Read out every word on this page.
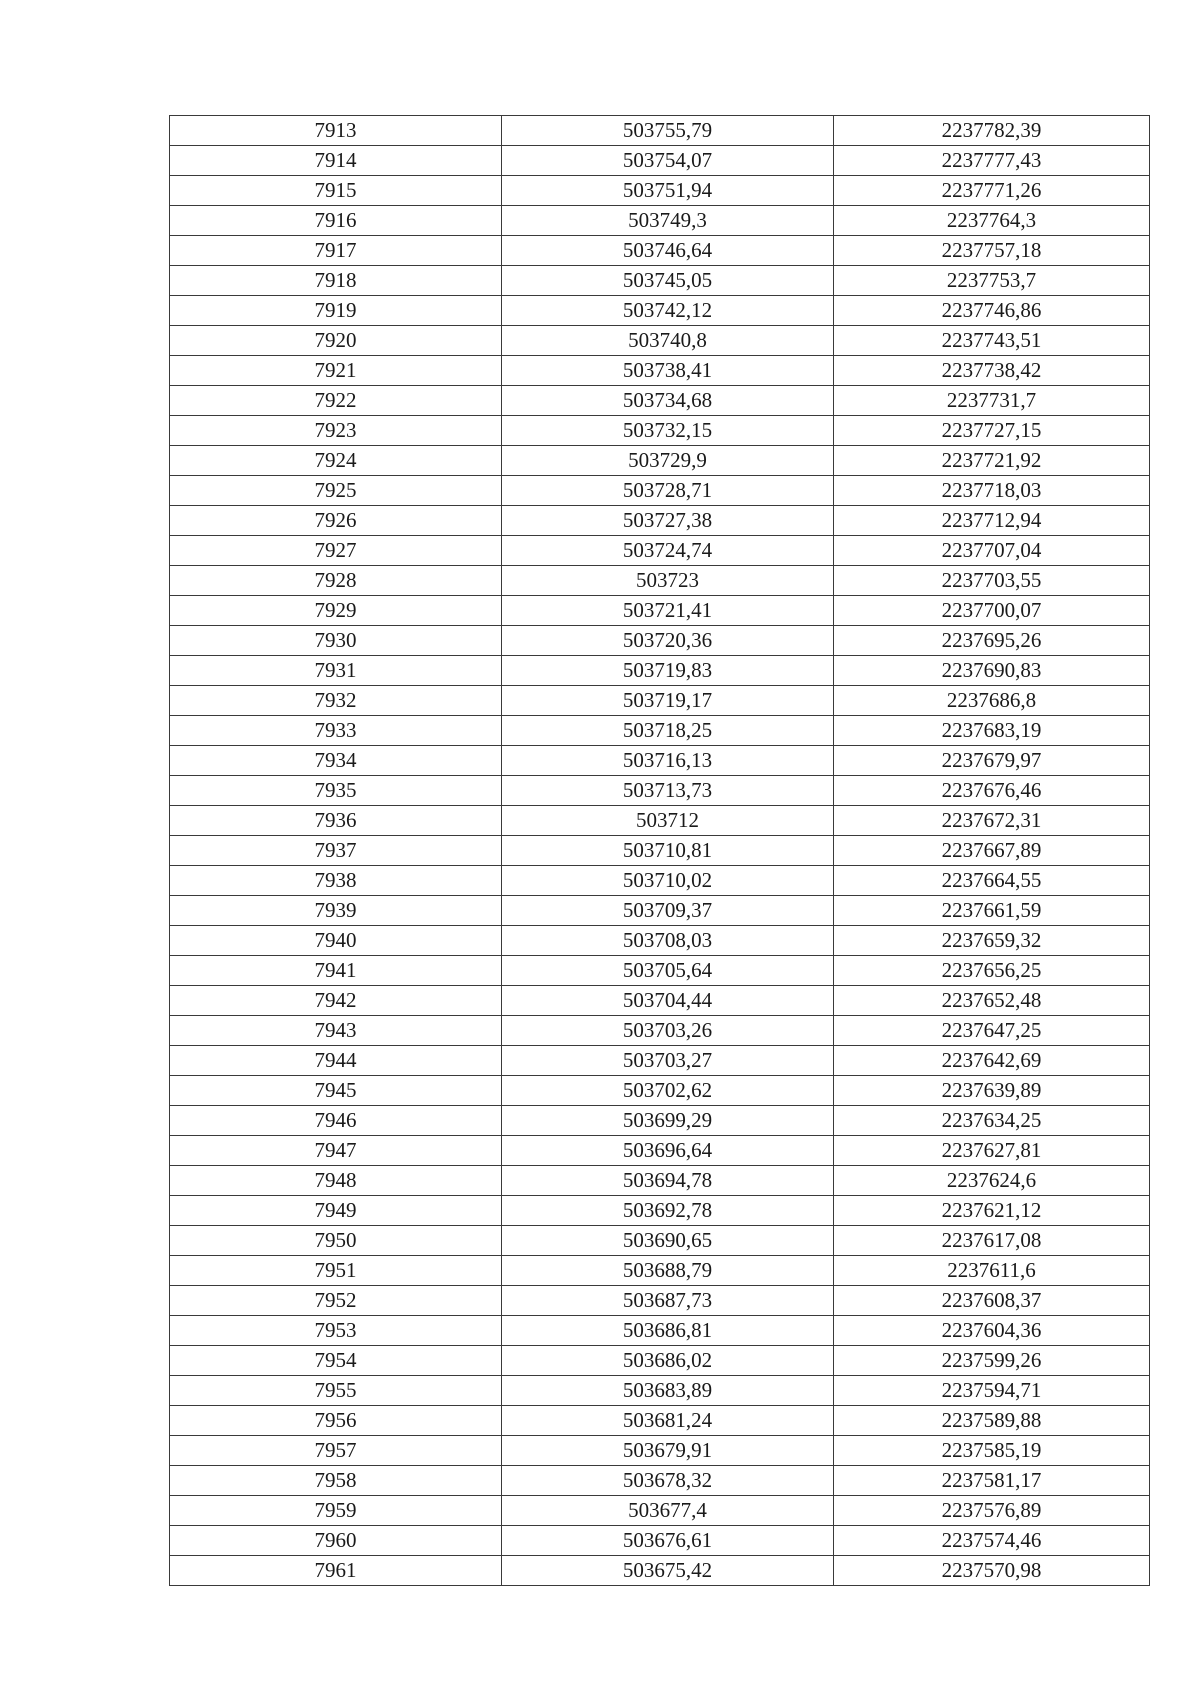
7913	503755,79	2237782,39
7914	503754,07	2237777,43
7915	503751,94	2237771,26
7916	503749,3	2237764,3
7917	503746,64	2237757,18
7918	503745,05	2237753,7
7919	503742,12	2237746,86
7920	503740,8	2237743,51
7921	503738,41	2237738,42
7922	503734,68	2237731,7
7923	503732,15	2237727,15
7924	503729,9	2237721,92
7925	503728,71	2237718,03
7926	503727,38	2237712,94
7927	503724,74	2237707,04
7928	503723	2237703,55
7929	503721,41	2237700,07
7930	503720,36	2237695,26
7931	503719,83	2237690,83
7932	503719,17	2237686,8
7933	503718,25	2237683,19
7934	503716,13	2237679,97
7935	503713,73	2237676,46
7936	503712	2237672,31
7937	503710,81	2237667,89
7938	503710,02	2237664,55
7939	503709,37	2237661,59
7940	503708,03	2237659,32
7941	503705,64	2237656,25
7942	503704,44	2237652,48
7943	503703,26	2237647,25
7944	503703,27	2237642,69
7945	503702,62	2237639,89
7946	503699,29	2237634,25
7947	503696,64	2237627,81
7948	503694,78	2237624,6
7949	503692,78	2237621,12
7950	503690,65	2237617,08
7951	503688,79	2237611,6
7952	503687,73	2237608,37
7953	503686,81	2237604,36
7954	503686,02	2237599,26
7955	503683,89	2237594,71
7956	503681,24	2237589,88
7957	503679,91	2237585,19
7958	503678,32	2237581,17
7959	503677,4	2237576,89
7960	503676,61	2237574,46
7961	503675,42	2237570,98
